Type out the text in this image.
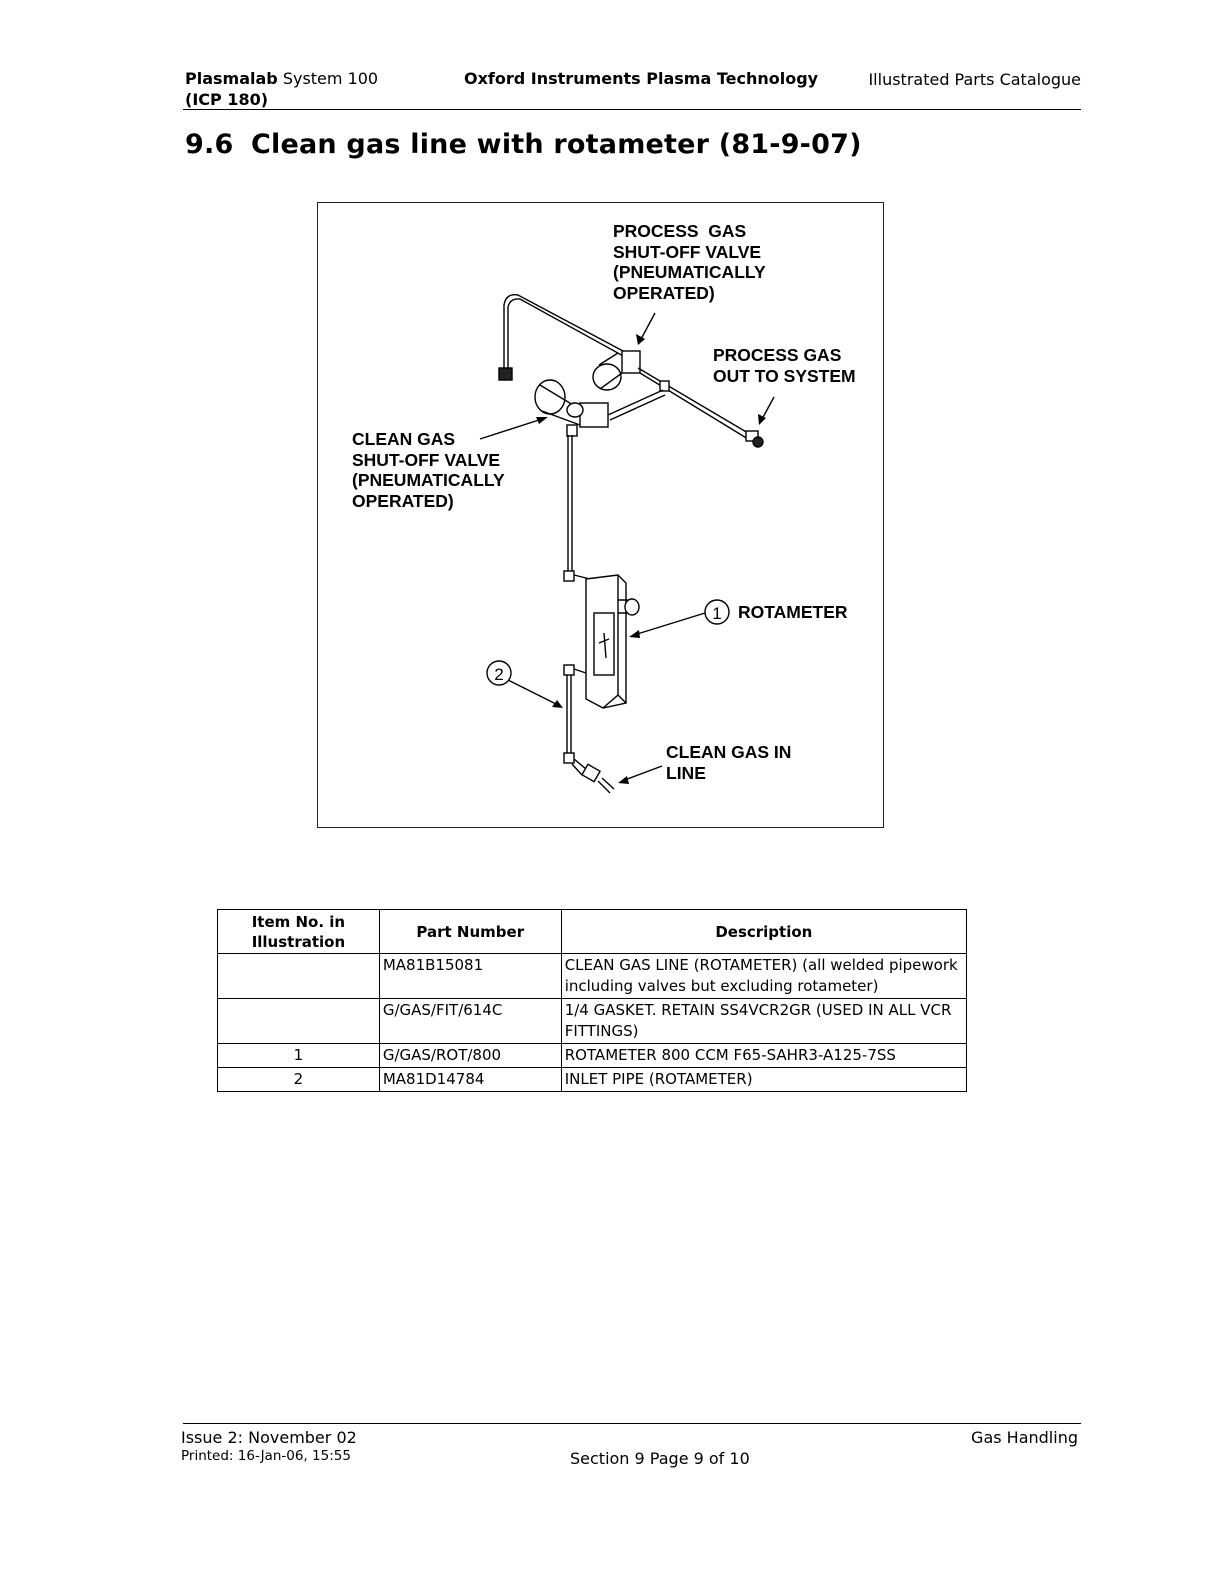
Plasmalab System 100
(ICP 180)
Oxford Instruments Plasma Technology	Illustrated Parts Catalogue
9.6 Clean gas line with rotameter (81-9-07)
1
2
PROCESS  GAS
SHUT-OFF VALVE
(PNEUMATICALLY
OPERATED)
PROCESS GAS
OUT TO SYSTEM
CLEAN GAS
SHUT-OFF VALVE
(PNEUMATICALLY
OPERATED)
ROTAMETER
CLEAN GAS IN
LINE
Item No. in Illustration	Part Number	Description
	MA81B15081	CLEAN GAS LINE (ROTAMETER) (all welded pipework including valves but excluding rotameter)
	G/GAS/FIT/614C	1/4 GASKET. RETAIN SS4VCR2GR (USED IN ALL VCR FITTINGS)
1	G/GAS/ROT/800	ROTAMETER 800 CCM F65-SAHR3-A125-7SS
2	MA81D14784	INLET PIPE (ROTAMETER)
Issue 2: November 02
Printed: 16-Jan-06, 15:55	Section 9 Page 9 of 10
Gas Handling
